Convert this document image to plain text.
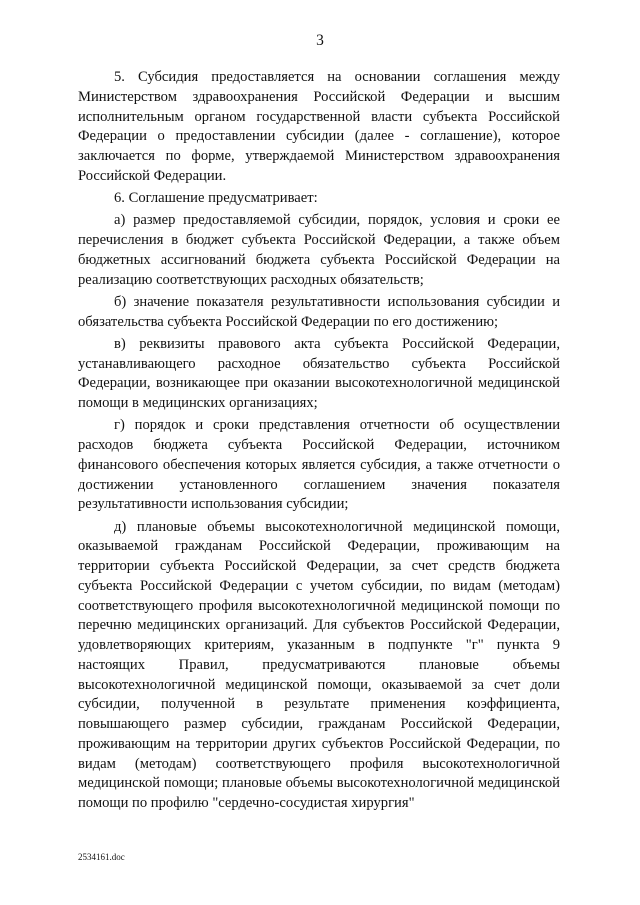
3

5. Субсидия предоставляется на основании соглашения между Министерством здравоохранения Российской Федерации и высшим исполнительным органом государственной власти субъекта Российской Федерации о предоставлении субсидии (далее - соглашение), которое заключается по форме, утверждаемой Министерством здравоохранения Российской Федерации.

6. Соглашение предусматривает:

а) размер предоставляемой субсидии, порядок, условия и сроки ее перечисления в бюджет субъекта Российской Федерации, а также объем бюджетных ассигнований бюджета субъекта Российской Федерации на реализацию соответствующих расходных обязательств;

б) значение показателя результативности использования субсидии и обязательства субъекта Российской Федерации по его достижению;

в) реквизиты правового акта субъекта Российской Федерации, устанавливающего расходное обязательство субъекта Российской Федерации, возникающее при оказании высокотехнологичной медицинской помощи в медицинских организациях;

г) порядок и сроки представления отчетности об осуществлении расходов бюджета субъекта Российской Федерации, источником финансового обеспечения которых является субсидия, а также отчетности о достижении установленного соглашением значения показателя результативности использования субсидии;

д) плановые объемы высокотехнологичной медицинской помощи, оказываемой гражданам Российской Федерации, проживающим на территории субъекта Российской Федерации, за счет средств бюджета субъекта Российской Федерации с учетом субсидии, по видам (методам) соответствующего профиля высокотехнологичной медицинской помощи по перечню медицинских организаций. Для субъектов Российской Федерации, удовлетворяющих критериям, указанным в подпункте "г" пункта 9 настоящих Правил, предусматриваются плановые объемы высокотехнологичной медицинской помощи, оказываемой за счет доли субсидии, полученной в результате применения коэффициента, повышающего размер субсидии, гражданам Российской Федерации, проживающим на территории других субъектов Российской Федерации, по видам (методам) соответствующего профиля высокотехнологичной медицинской помощи; плановые объемы высокотехнологичной медицинской помощи по профилю "сердечно-сосудистая хирургия"

2534161.doc
